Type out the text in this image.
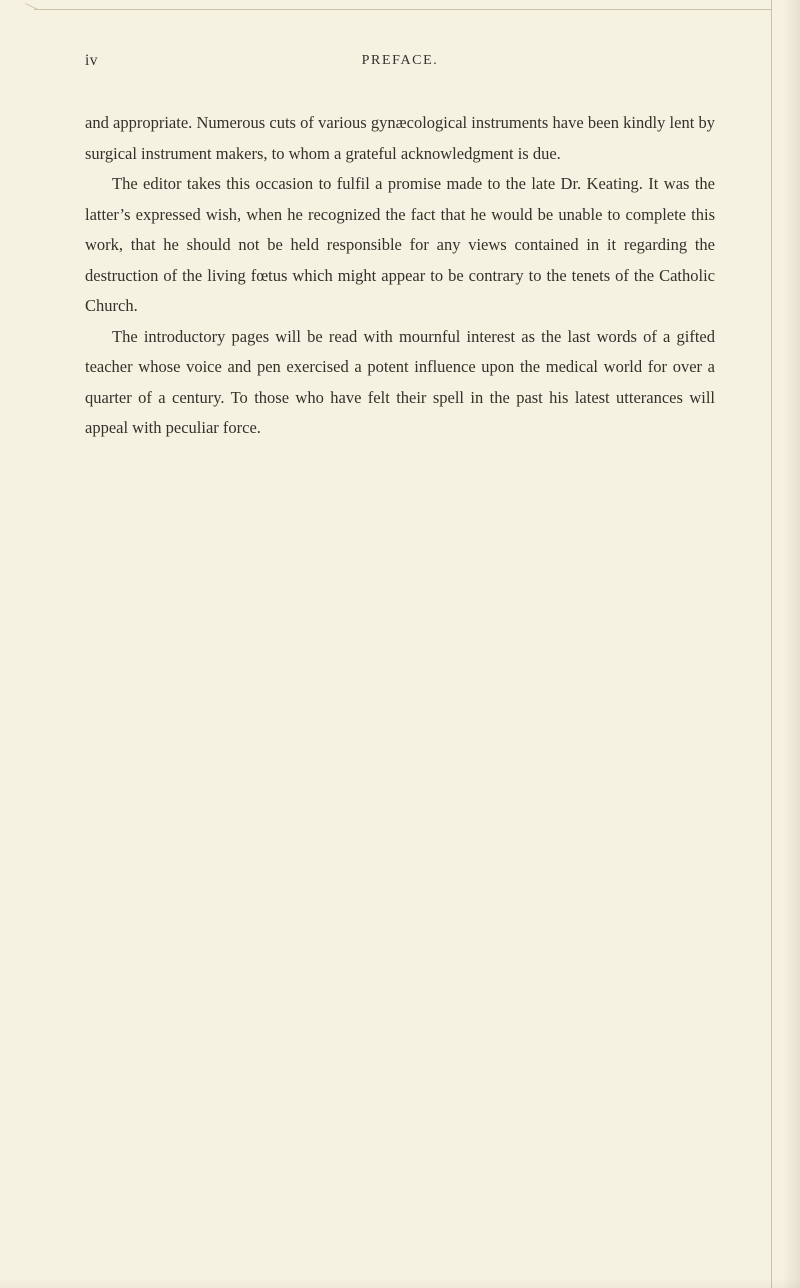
iv	PREFACE.

and appropriate. Numerous cuts of various gynæcological instruments have been kindly lent by surgical instrument makers, to whom a grateful acknowledgment is due.

The editor takes this occasion to fulfil a promise made to the late Dr. Keating. It was the latter’s expressed wish, when he recognized the fact that he would be unable to complete this work, that he should not be held responsible for any views contained in it regarding the destruction of the living fœtus which might appear to be contrary to the tenets of the Catholic Church.

The introductory pages will be read with mournful interest as the last words of a gifted teacher whose voice and pen exercised a potent influence upon the medical world for over a quarter of a century. To those who have felt their spell in the past his latest utterances will appeal with peculiar force.
